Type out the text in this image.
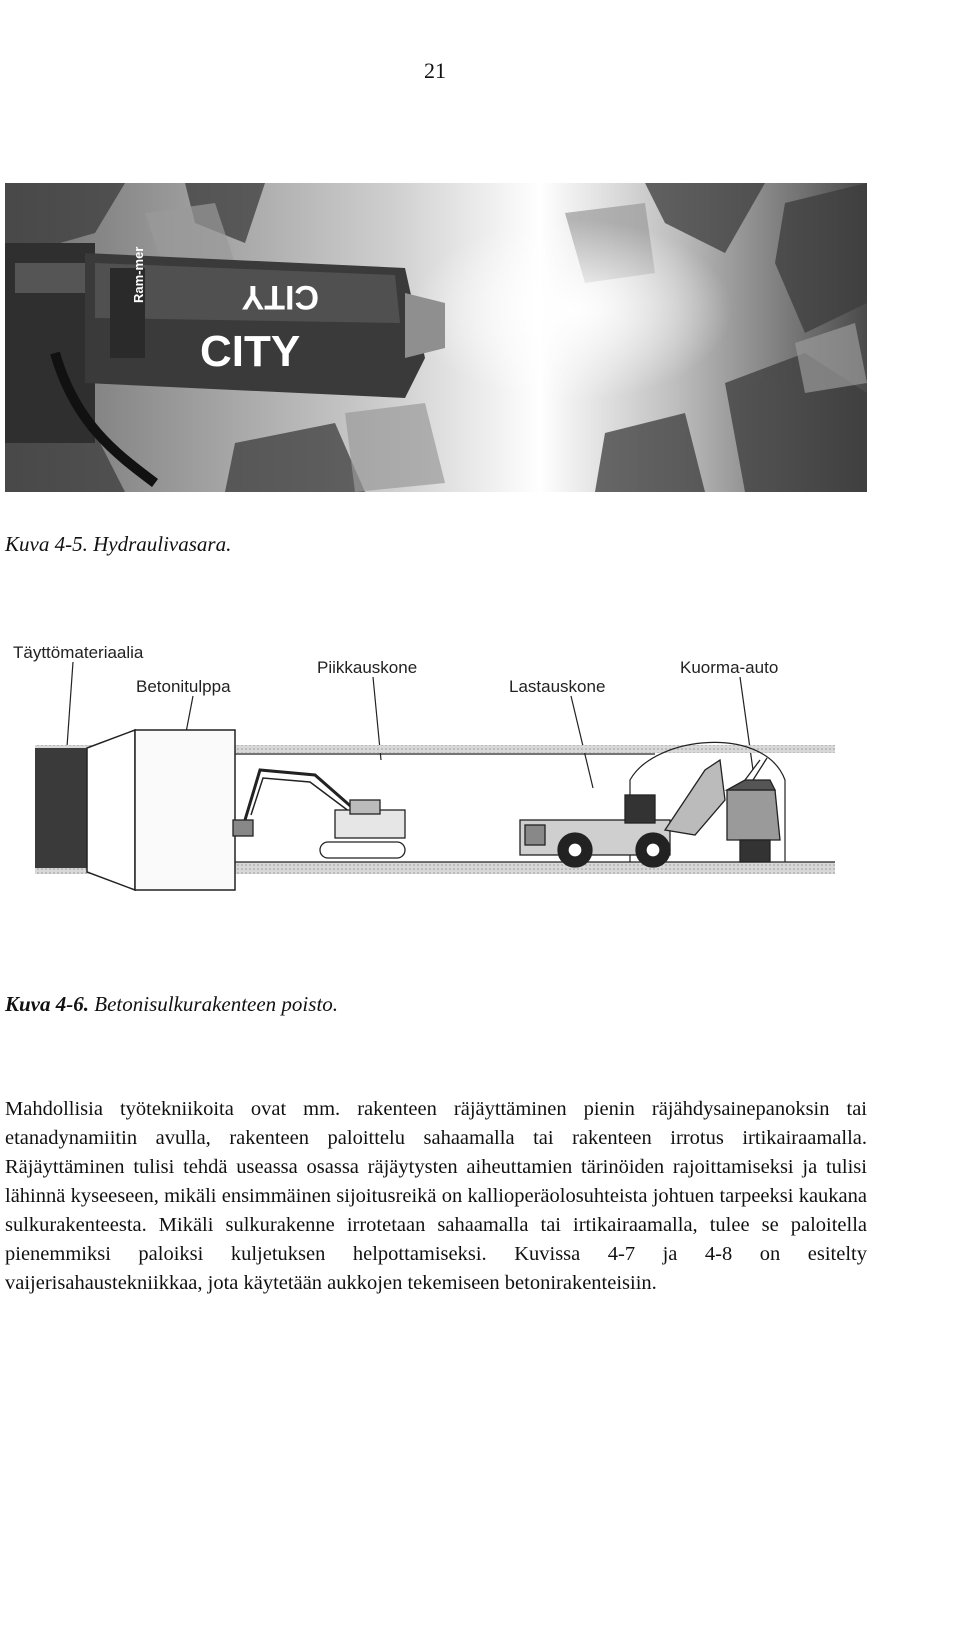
21
CITY
CITY
Ram-mer
Kuva 4-5. Hydraulivasara.
Täyttömateriaalia
Betonitulppa
Piikkauskone
Lastauskone
Kuorma-auto
Kuva 4-6. Betonisulkurakenteen poisto.

Mahdollisia työtekniikoita ovat mm. rakenteen räjäyttäminen pienin räjähdysainepanoksin tai etanadynamiitin avulla, rakenteen paloittelu sahaamalla tai rakenteen irrotus irtikairaamalla. Räjäyttäminen tulisi tehdä useassa osassa räjäytysten aiheuttamien tärinöiden rajoittamiseksi ja tulisi lähinnä kyseeseen, mikäli ensimmäinen sijoitusreikä on kallioperäolosuhteista johtuen tarpeeksi kaukana sulkurakenteesta. Mikäli sulkurakenne irrotetaan sahaamalla tai irtikairaamalla, tulee se paloitella pienemmiksi paloiksi kuljetuksen helpottamiseksi. Kuvissa 4-7 ja 4-8 on esitelty vaijerisahaustekniikkaa, jota käytetään aukkojen tekemiseen betonirakenteisiin.
